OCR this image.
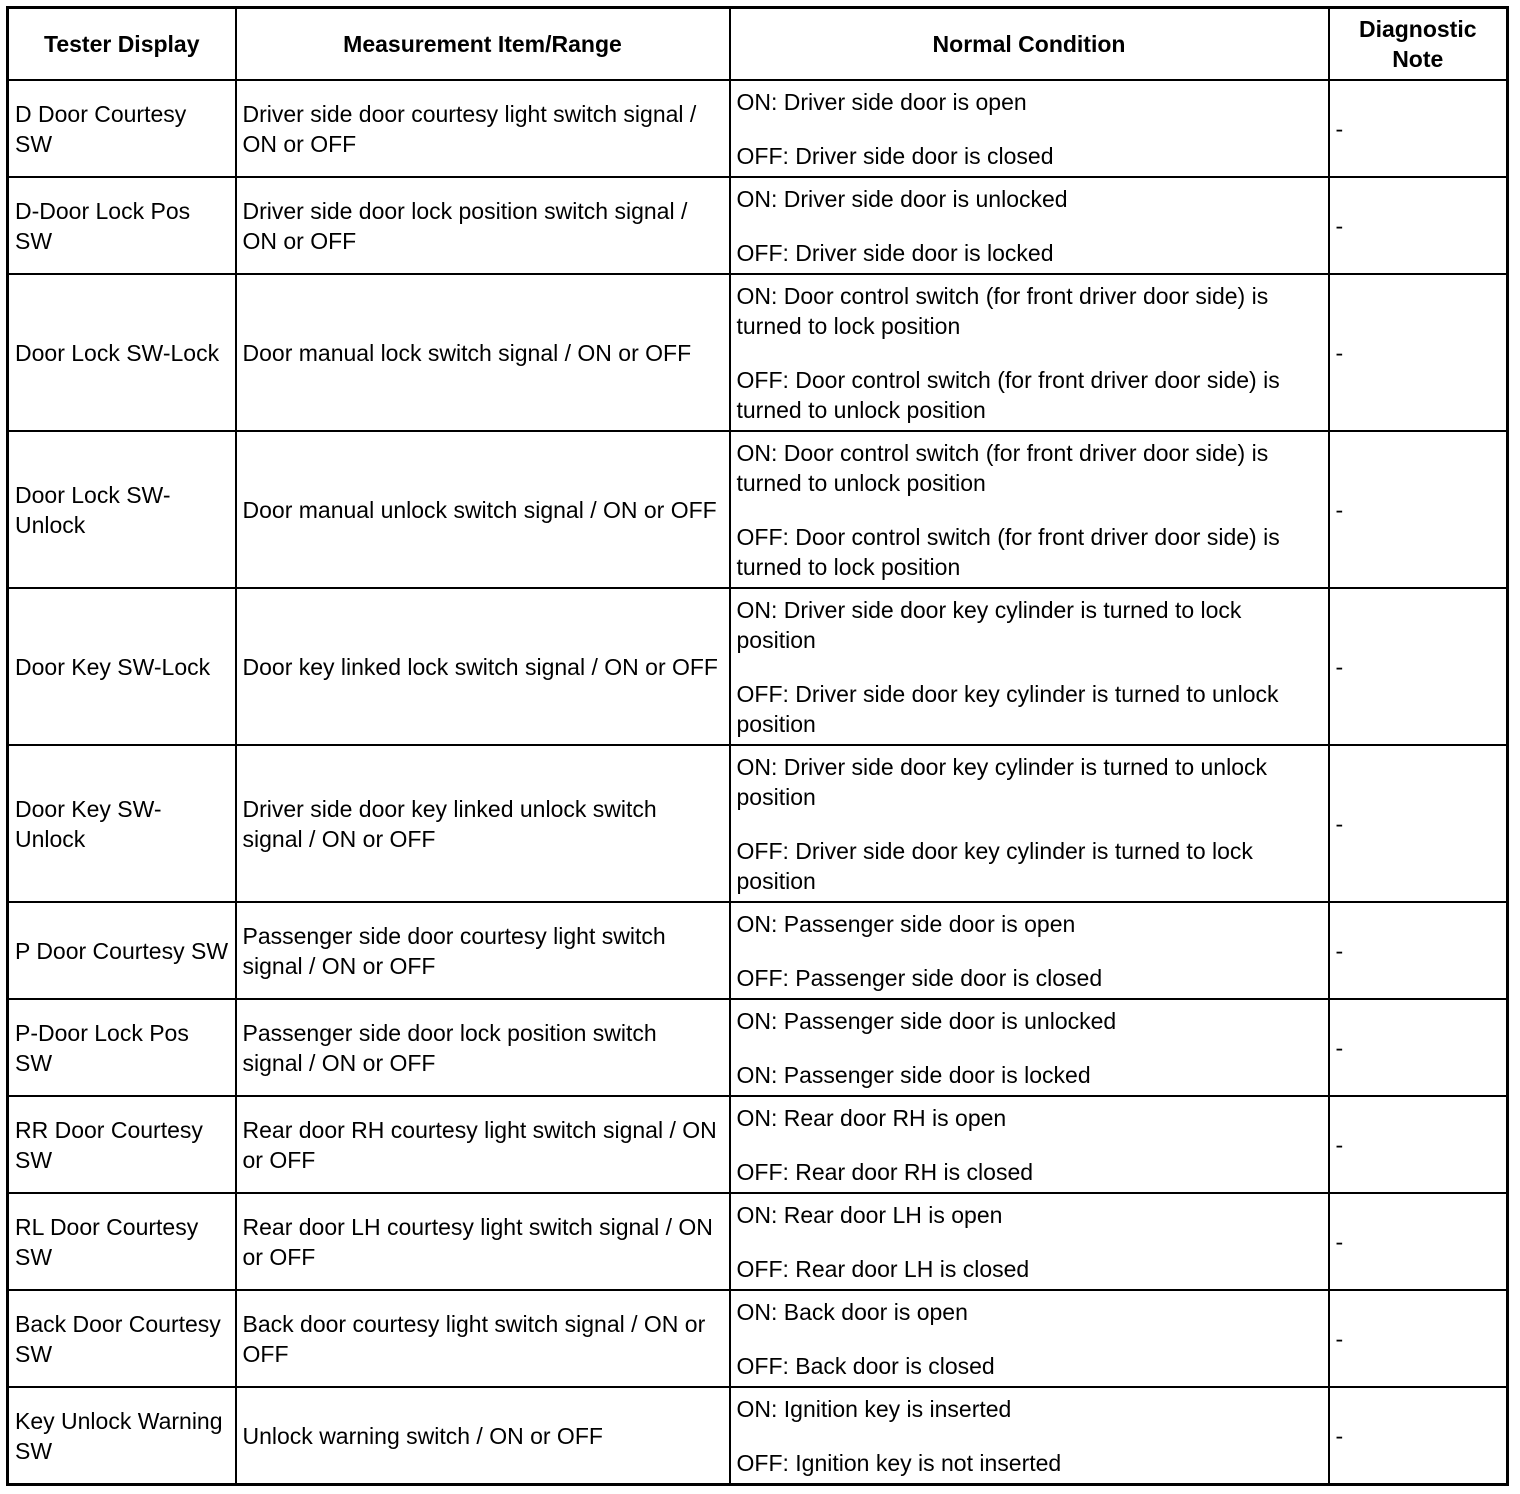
Tester Display	Measurement Item/Range	Normal Condition	Diagnostic Note
D Door Courtesy SW	Driver side door courtesy light switch signal / ON or OFF	ON: Driver side door is open
OFF: Driver side door is closed	-
D-Door Lock Pos SW	Driver side door lock position switch signal / ON or OFF	ON: Driver side door is unlocked
OFF: Driver side door is locked	-
Door Lock SW-Lock	Door manual lock switch signal / ON or OFF	ON: Door control switch (for front driver door side) is turned to lock position
OFF: Door control switch (for front driver door side) is turned to unlock position	-
Door Lock SW-Unlock	Door manual unlock switch signal / ON or OFF	ON: Door control switch (for front driver door side) is turned to unlock position
OFF: Door control switch (for front driver door side) is turned to lock position	-
Door Key SW-Lock	Door key linked lock switch signal / ON or OFF	ON: Driver side door key cylinder is turned to lock position
OFF: Driver side door key cylinder is turned to unlock position	-
Door Key SW-Unlock	Driver side door key linked unlock switch signal / ON or OFF	ON: Driver side door key cylinder is turned to unlock position
OFF: Driver side door key cylinder is turned to lock position	-
P Door Courtesy SW	Passenger side door courtesy light switch signal / ON or OFF	ON: Passenger side door is open
OFF: Passenger side door is closed	-
P-Door Lock Pos SW	Passenger side door lock position switch signal / ON or OFF	ON: Passenger side door is unlocked
ON: Passenger side door is locked	-
RR Door Courtesy SW	Rear door RH courtesy light switch signal / ON or OFF	ON: Rear door RH is open
OFF: Rear door RH is closed	-
RL Door Courtesy SW	Rear door LH courtesy light switch signal / ON or OFF	ON: Rear door LH is open
OFF: Rear door LH is closed	-
Back Door Courtesy SW	Back door courtesy light switch signal / ON or OFF	ON: Back door is open
OFF: Back door is closed	-
Key Unlock Warning SW	Unlock warning switch / ON or OFF	ON: Ignition key is inserted
OFF: Ignition key is not inserted	-
